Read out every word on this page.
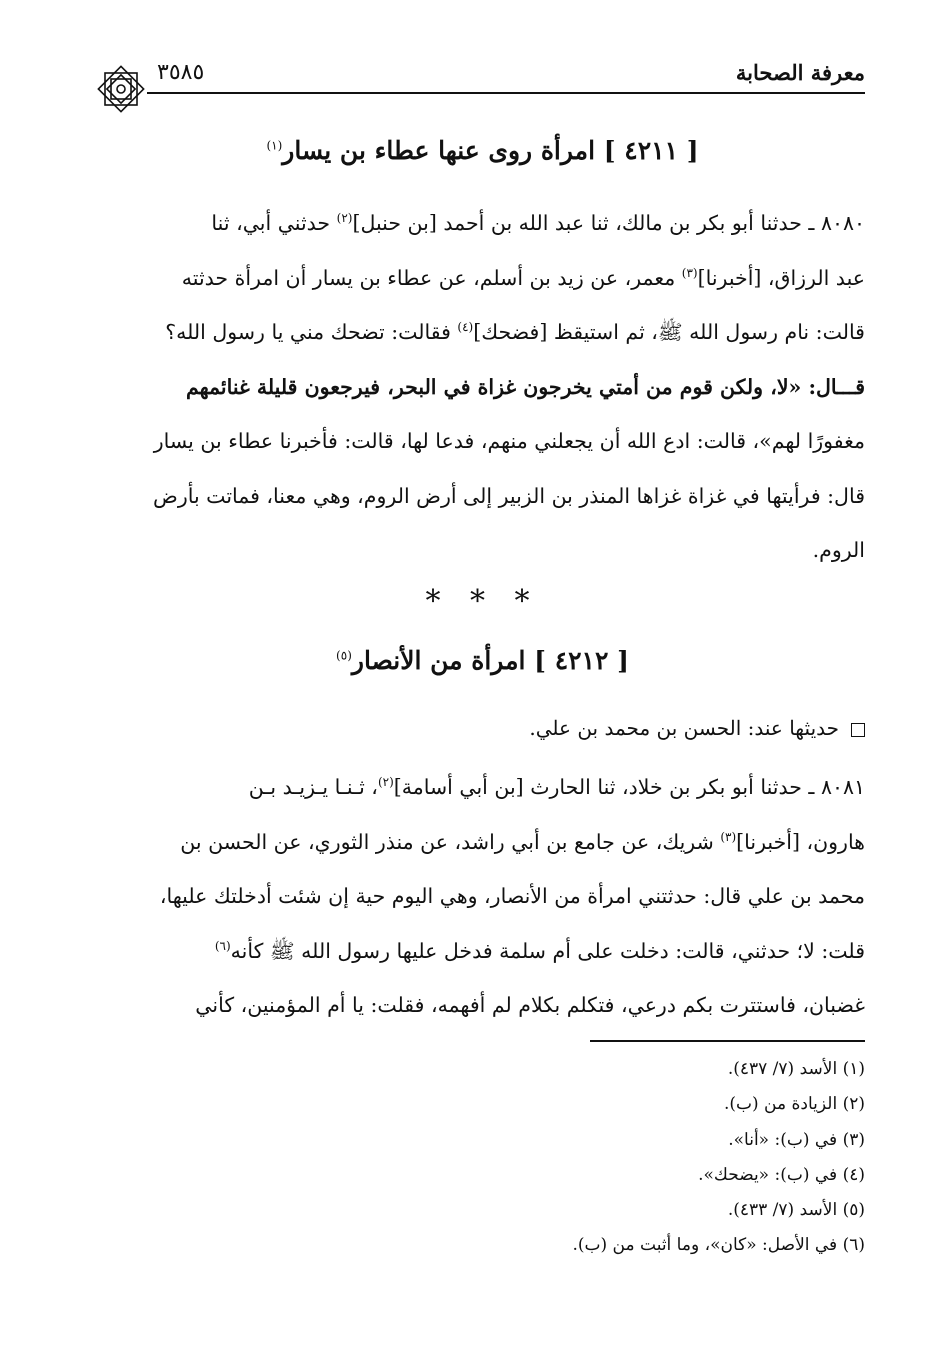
معرفة الصحابة
٣٥٨٥
[ ٤٢١١ ] امرأة روى عنها عطاء بن يسار$^{(١)}$

٨٠٨٠ ـ حدثنا أبو بكر بن مالك، ثنا عبد الله بن أحمد [بن حنبل]$^{(٢)}$ حدثني أبي، ثنا

عبد الرزاق، [أخبرنا]$^{(٣)}$ معمر، عن زيد بن أسلم، عن عطاء بن يسار أن امرأة حدثته

قالت: نام رسول الله ﷺ، ثم استيقظ [فضحك]$^{(٤)}$ فقالت: تضحك مني يا رسول الله؟

قـــال: «لا، ولكن قوم من أمتي يخرجون غزاة في البحر، فيرجعون قليلة غنائمهم

مغفورًا لهم»، قالت: ادع الله أن يجعلني منهم، فدعا لها، قالت: فأخبرنا عطاء بن يسار

قال: فرأيتها في غزاة غزاها المنذر بن الزبير إلى أرض الروم، وهي معنا، فماتت بأرض

الروم.

* * *
[ ٤٢١٢ ] امرأة من الأنصار$^{(٥)}$
حديثها عند: الحسن بن محمد بن علي.

٨٠٨١ ـ حدثنا أبو بكر بن خلاد، ثنا الحارث [بن أبي أسامة]$^{(٢)}$، ثـنـا يـزيـد بـن

هارون، [أخبرنا]$^{(٣)}$ شريك، عن جامع بن أبي راشد، عن منذر الثوري، عن الحسن بن

محمد بن علي قال: حدثتني امرأة من الأنصار، وهي اليوم حية إن شئت أدخلتك عليها،

قلت: لا؛ حدثني، قالت: دخلت على أم سلمة فدخل عليها رسول الله ﷺ كأنه$^{(٦)}$

غضبان، فاستترت بكم درعي، فتكلم بكلام لم أفهمه، فقلت: يا أم المؤمنين، كأني

(١) الأسد (٧/ ٤٣٧).
(٢) الزيادة من (ب).
(٣) في (ب): «أنا».
(٤) في (ب): «يضحك».
(٥) الأسد (٧/ ٤٣٣).
(٦) في الأصل: «كان»، وما أثبت من (ب).
